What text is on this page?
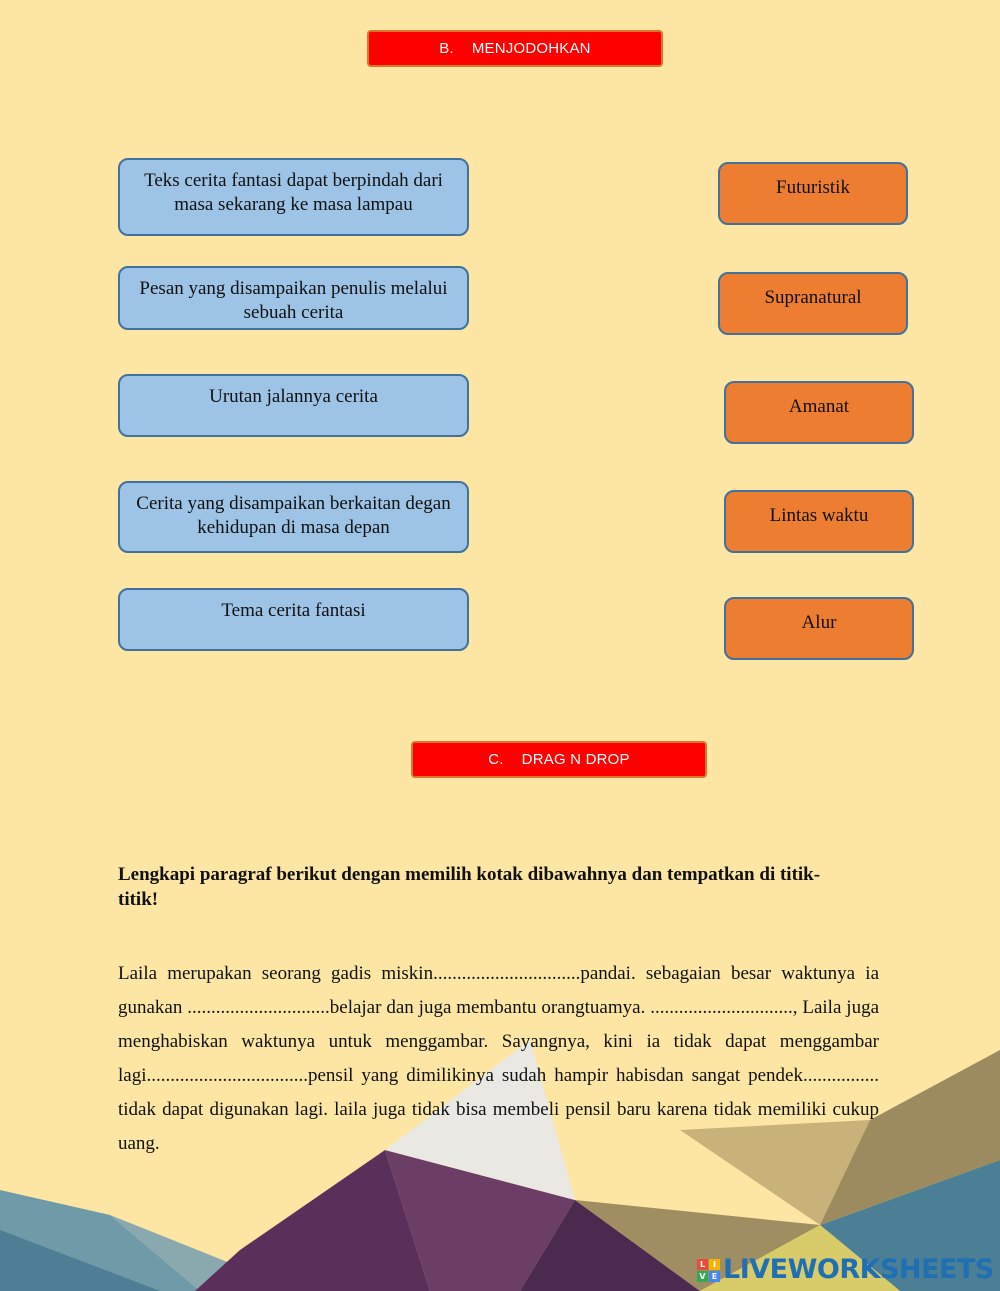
B. MENJODOHKAN
Teks cerita fantasi dapat berpindah dari masa sekarang ke masa lampau
Pesan yang disampaikan penulis melalui sebuah cerita
Urutan jalannya cerita
Cerita yang disampaikan berkaitan degan kehidupan di masa depan
Tema cerita fantasi
Futuristik
Supranatural
Amanat
Lintas waktu
Alur
C. DRAG N DROP
Lengkapi paragraf berikut dengan memilih kotak dibawahnya dan tempatkan di titik-titik!
Laila merupakan seorang gadis miskin...............................pandai. sebagaian besar waktunya ia gunakan ..............................belajar dan juga membantu orangtuamya. .............................., Laila juga menghabiskan waktunya untuk menggambar. Sayangnya, kini ia tidak dapat menggambar lagi..................................pensil yang dimilikinya sudah hampir habisdan sangat pendek................ tidak dapat digunakan lagi. laila juga tidak bisa membeli pensil baru karena tidak memiliki cukup uang.
L I
V E LIVEWORKSHEETS
